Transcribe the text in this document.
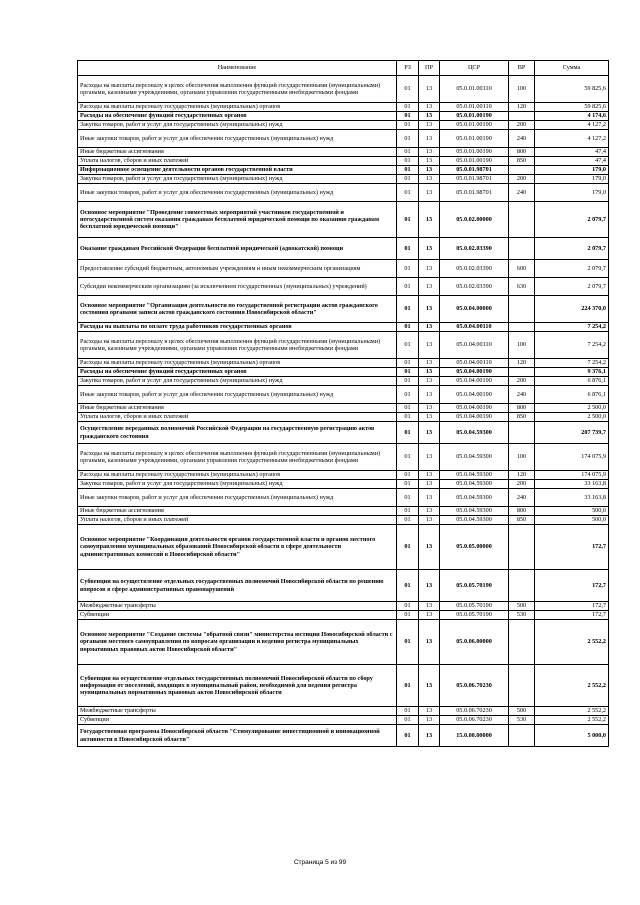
Наименование	РЗ	ПР	ЦСР	ВР	Сумма
Расходы на выплаты персоналу в целях обеспечения выполнения функций государственными (муниципальными) органами, казенными учреждениями, органами управления государственными внебюджетными фондами	01	13	05.0.01.00110	100	59 825,6
Расходы на выплаты персоналу государственных (муниципальных) органов	01	13	05.0.01.00110	120	59 825,6
Расходы на обеспечение функций государственных органов	01	13	05.0.01.00190		4 174,6
Закупка товаров, работ и услуг для государственных (муниципальных) нужд	01	13	05.0.01.00190	200	4 127,2
Иные закупки товаров, работ и услуг для обеспечения государственных (муниципальных) нужд	01	13	05.0.01.00190	240	4 127,2
Иные бюджетные ассигнования	01	13	05.0.01.00190	800	47,4
Уплата налогов, сборов и иных платежей	01	13	05.0.01.00190	850	47,4
Информационное освещение деятельности органов государственной власти	01	13	05.0.01.98701		179,0
Закупка товаров, работ и услуг для государственных (муниципальных) нужд	01	13	05.0.01.98701	200	179,0
Иные закупки товаров, работ и услуг для обеспечения государственных (муниципальных) нужд	01	13	05.0.01.98701	240	179,0
Основное мероприятие "Проведение совместных мероприятий участников государственной и негосударственной систем оказания гражданам бесплатной юридической помощи по оказанию гражданам бесплатной юридической помощи"	01	13	05.0.02.00000		2 079,7
Оказание гражданам Российской Федерации бесплатной юридической (адвокатской) помощи	01	13	05.0.02.03390		2 079,7
Предоставление субсидий бюджетным, автономным учреждениям и иным некоммерческим организациям	01	13	05.0.02.03390	600	2 079,7
Субсидии некоммерческим организациям (за исключением государственных (муниципальных) учреждений)	01	13	05.0.02.03390	630	2 079,7
Основное мероприятие "Организация деятельности по государственной регистрации актов гражданского состояния органами записи актов гражданского состояния Новосибирской области"	01	13	05.0.04.00000		224 370,0
Расходы на выплаты по оплате труда работников государственных органов	01	13	05.0.04.00110		7 254,2
Расходы на выплаты персоналу в целях обеспечения выполнения функций государственными (муниципальными) органами, казенными учреждениями, органами управления государственными внебюджетными фондами	01	13	05.0.04.00110	100	7 254,2
Расходы на выплаты персоналу государственных (муниципальных) органов	01	13	05.0.04.00110	120	7 254,2
Расходы на обеспечение функций государственных органов	01	13	05.0.04.00190		9 376,1
Закупка товаров, работ и услуг для государственных (муниципальных) нужд	01	13	05.0.04.00190	200	6 876,1
Иные закупки товаров, работ и услуг для обеспечения государственных (муниципальных) нужд	01	13	05.0.04.00190	240	6 876,1
Иные бюджетные ассигнования	01	13	05.0.04.00190	800	2 500,0
Уплата налогов, сборов и иных платежей	01	13	05.0.04.00190	850	2 500,0
Осуществление переданных полномочий Российской Федерации на государственную регистрацию актов гражданского состояния	01	13	05.0.04.59300		207 739,7
Расходы на выплаты персоналу в целях обеспечения выполнения функций государственными (муниципальными) органами, казенными учреждениями, органами управления государственными внебюджетными фондами	01	13	05.0.04.59300	100	174 075,9
Расходы на выплаты персоналу государственных (муниципальных) органов	01	13	05.0.04.59300	120	174 075,9
Закупка товаров, работ и услуг для государственных (муниципальных) нужд	01	13	05.0.04.59300	200	33 163,8
Иные закупки товаров, работ и услуг для обеспечения государственных (муниципальных) нужд	01	13	05.0.04.59300	240	33 163,8
Иные бюджетные ассигнования	01	13	05.0.04.59300	800	500,0
Уплата налогов, сборов и иных платежей	01	13	05.0.04.59300	850	500,0
Основное мероприятие "Координация деятельности органов государственной власти и органов местного самоуправления муниципальных образований Новосибирской области в сфере деятельности административных комиссий в Новосибирской области"	01	13	05.0.05.00000		172,7
Субвенции на осуществление отдельных государственных полномочий Новосибирской области по решению вопросов в сфере административных правонарушений	01	13	05.0.05.70190		172,7
Межбюджетные трансферты	01	13	05.0.05.70190	500	172,7
Субвенции	01	13	05.0.05.70190	530	172,7
Основное мероприятие "Создание системы "обратной связи" министерства юстиции Новосибирской области с органами местного самоуправления по вопросам организации и ведения регистра муниципальных нормативных правовых актов Новосибирской области"	01	13	05.0.06.00000		2 552,2
Субвенции на осуществление отдельных государственных полномочий Новосибирской области по сбору информации от поселений, входящих в муниципальный район, необходимой для ведения регистра муниципальных нормативных правовых актов Новосибирской области	01	13	05.0.06.70230		2 552,2
Межбюджетные трансферты	01	13	05.0.06.70230	500	2 552,2
Субвенции	01	13	05.0.06.70230	530	2 552,2
Государственная программа Новосибирской области "Стимулирование инвестиционной и инновационной активности в Новосибирской области"	01	13	15.0.00.00000		5 000,0
Страница 5 из 99
